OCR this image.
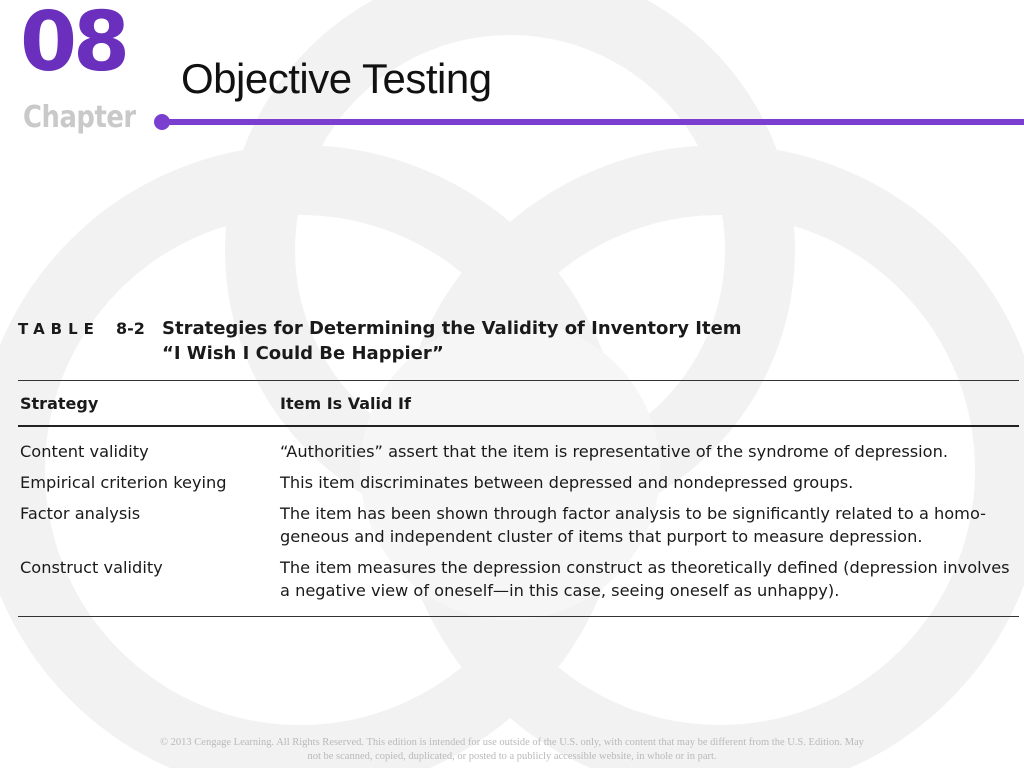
08
Chapter
Objective Testing
TABLE	8-2 Strategies for Determining the Validity of Inventory Item
“I Wish I Could Be Happier”
Strategy	Item Is Valid If
Content validity	“Authorities” assert that the item is representative of the syndrome of depression.
Empirical criterion keying	This item discriminates between depressed and nondepressed groups.
Factor analysis	The item has been shown through factor analysis to be significantly related to a homo-geneous and independent cluster of items that purport to measure depression.
Construct validity	The item measures the depression construct as theoretically defined (depression involves a negative view of oneself—in this case, seeing oneself as unhappy).
© 2013 Cengage Learning. All Rights Reserved. This edition is intended for use outside of the U.S. only, with content that may be different from the U.S. Edition. May
not be scanned, copied, duplicated, or posted to a publicly accessible website, in whole or in part.
